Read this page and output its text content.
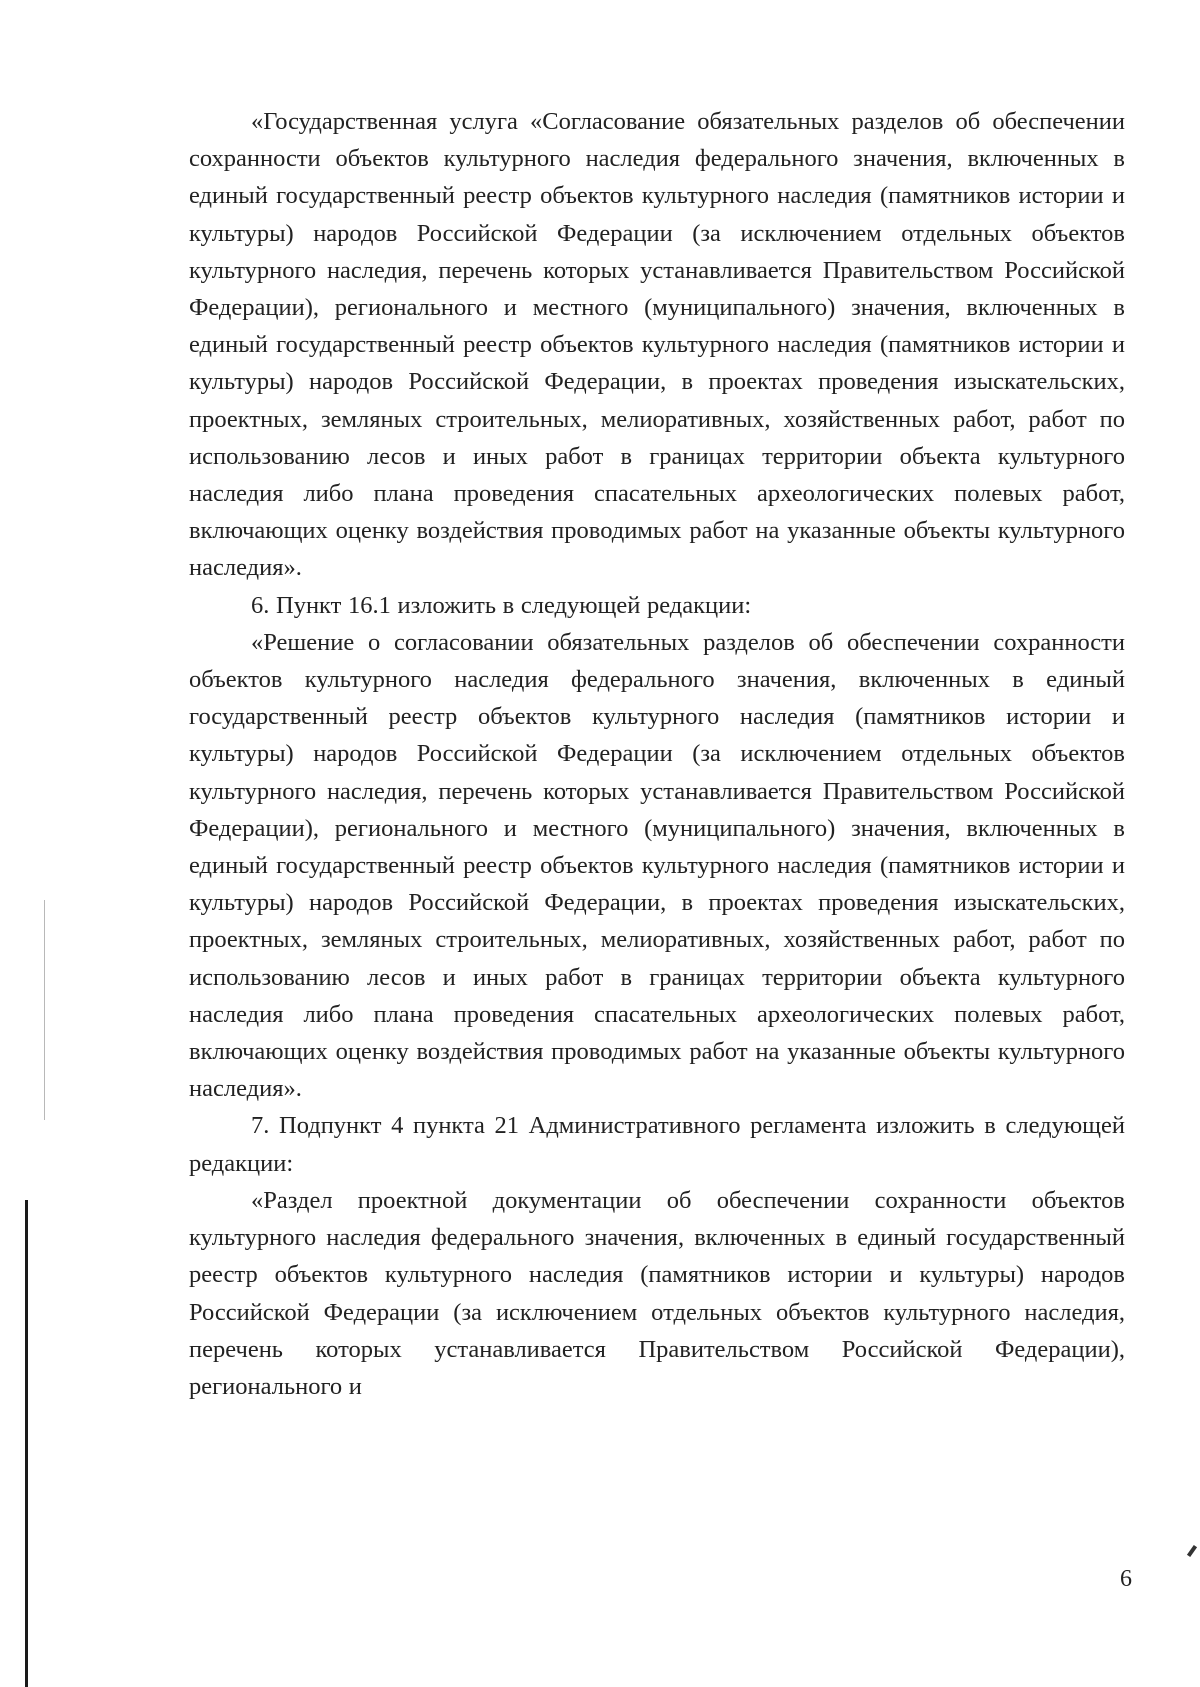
«Государственная услуга «Согласование обязательных разделов об обеспечении сохранности объектов культурного наследия федерального значения, включенных в единый государственный реестр объектов культурного наследия (памятников истории и культуры) народов Российской Федерации (за исключением отдельных объектов культурного наследия, перечень которых устанавливается Правительством Российской Федерации), регионального и местного (муниципального) значения, включенных в единый государственный реестр объектов культурного наследия (памятников истории и культуры) народов Российской Федерации, в проектах проведения изыскательских, проектных, земляных строительных, мелиоративных, хозяйственных работ, работ по использованию лесов и иных работ в границах территории объекта культурного наследия либо плана проведения спасательных археологических полевых работ, включающих оценку воздействия проводимых работ на указанные объекты культурного наследия».

6. Пункт 16.1 изложить в следующей редакции:

«Решение о согласовании обязательных разделов об обеспечении сохранности объектов культурного наследия федерального значения, включенных в единый государственный реестр объектов культурного наследия (памятников истории и культуры) народов Российской Федерации (за исключением отдельных объектов культурного наследия, перечень которых устанавливается Правительством Российской Федерации), регионального и местного (муниципального) значения, включенных в единый государственный реестр объектов культурного наследия (памятников истории и культуры) народов Российской Федерации, в проектах проведения изыскательских, проектных, земляных строительных, мелиоративных, хозяйственных работ, работ по использованию лесов и иных работ в границах территории объекта культурного наследия либо плана проведения спасательных археологических полевых работ, включающих оценку воздействия проводимых работ на указанные объекты культурного наследия».

7. Подпункт 4 пункта 21 Административного регламента изложить в следующей редакции:

«Раздел проектной документации об обеспечении сохранности объектов культурного наследия федерального значения, включенных в единый государственный реестр объектов культурного наследия (памятников истории и культуры) народов Российской Федерации (за исключением отдельных объектов культурного наследия, перечень которых устанавливается Правительством Российской Федерации), регионального и

6
